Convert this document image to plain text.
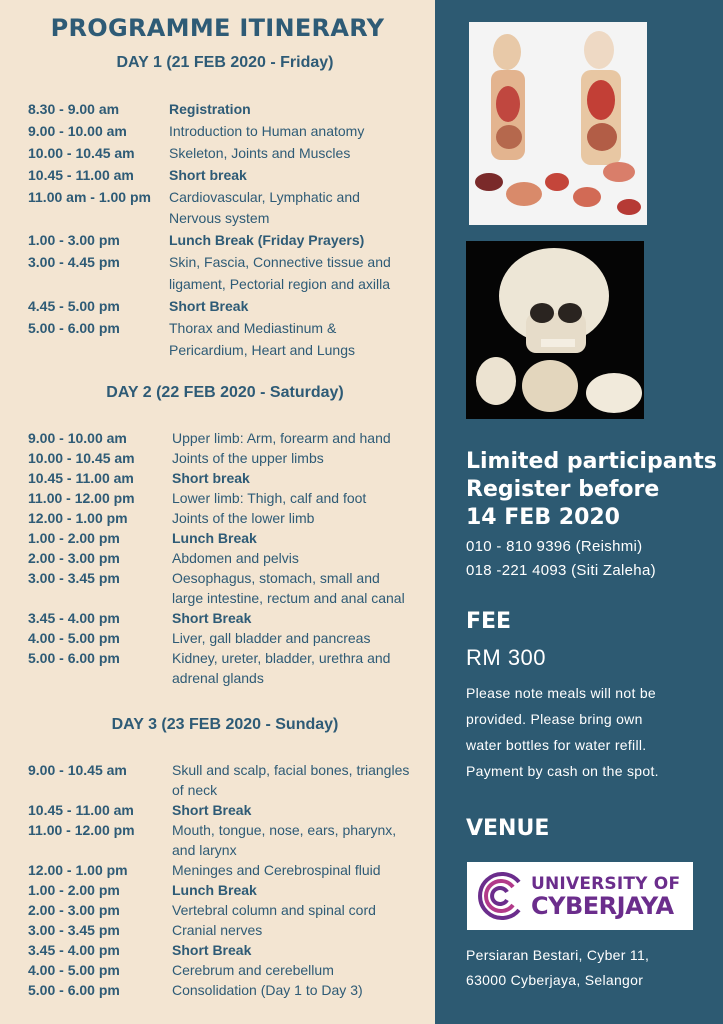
PROGRAMME ITINERARY
DAY 1 (21 FEB 2020 - Friday)
8.30 - 9.00 am	Registration
9.00 - 10.00 am	Introduction to Human anatomy
10.00 - 10.45 am	Skeleton, Joints and Muscles
10.45 - 11.00 am	Short break
11.00 am - 1.00 pm	Cardiovascular, Lymphatic and
Nervous system
1.00 - 3.00 pm	Lunch Break (Friday Prayers)
3.00 - 4.45 pm	Skin, Fascia, Connective tissue and
ligament, Pectorial region and axilla
4.45 - 5.00 pm	Short Break
5.00 - 6.00 pm	Thorax and Mediastinum &
Pericardium, Heart and Lungs
DAY 2 (22 FEB 2020 - Saturday)
9.00 - 10.00 am	Upper limb: Arm, forearm and hand
10.00 - 10.45 am	Joints of the upper limbs
10.45 - 11.00 am	Short break
11.00 - 12.00 pm	Lower limb: Thigh, calf and foot
12.00 - 1.00 pm	Joints of the lower limb
1.00 - 2.00 pm	Lunch Break
2.00 - 3.00 pm	Abdomen and pelvis
3.00 - 3.45 pm	Oesophagus, stomach, small and
large intestine, rectum and anal canal
3.45 - 4.00 pm	Short Break
4.00 - 5.00 pm	Liver, gall bladder and pancreas
5.00 - 6.00 pm	Kidney, ureter, bladder, urethra and
adrenal glands
DAY 3 (23 FEB 2020 - Sunday)
9.00 - 10.45 am	Skull and scalp, facial bones, triangles
of neck
10.45 - 11.00 am	Short Break
11.00 - 12.00 pm	Mouth, tongue, nose, ears, pharynx,
and larynx
12.00 - 1.00 pm	Meninges and Cerebrospinal fluid
1.00 - 2.00 pm	Lunch Break
2.00 - 3.00 pm	Vertebral column and spinal cord
3.00 - 3.45 pm	Cranial nerves
3.45 - 4.00 pm	Short Break
4.00 - 5.00 pm	Cerebrum and cerebellum
5.00 - 6.00 pm	Consolidation (Day 1 to Day 3)
Limited participants
Register before
14 FEB 2020
010 - 810 9396 (Reishmi)
018 -221 4093 (Siti Zaleha)
FEE
RM 300
Please note meals will not be
provided. Please bring own
water bottles for water refill.
Payment by cash on the spot.
VENUE
UNIVERSITY OF
CYBERJAYA
Persiaran Bestari, Cyber 11,
63000 Cyberjaya, Selangor
